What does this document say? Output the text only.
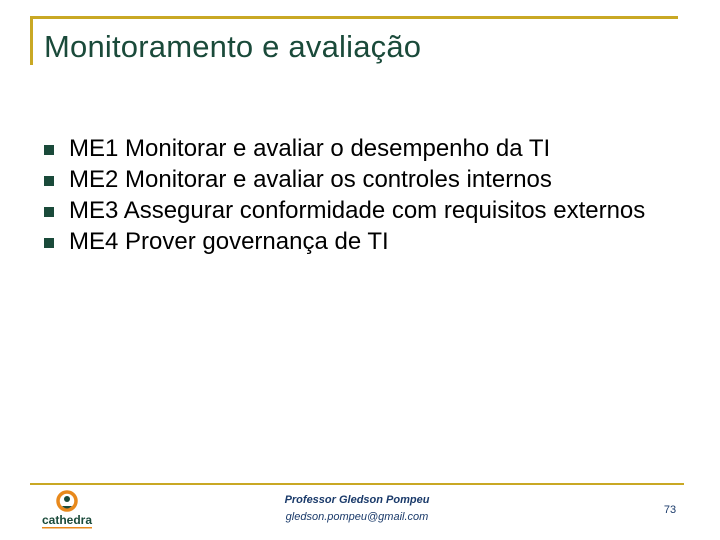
Monitoramento e avaliação
ME1 Monitorar e avaliar o desempenho da TI
ME2 Monitorar e avaliar os controles internos
ME3 Assegurar conformidade com requisitos externos
ME4 Prover governança de TI
cathedra
Professor Gledson Pompeu
gledson.pompeu@gmail.com
73
